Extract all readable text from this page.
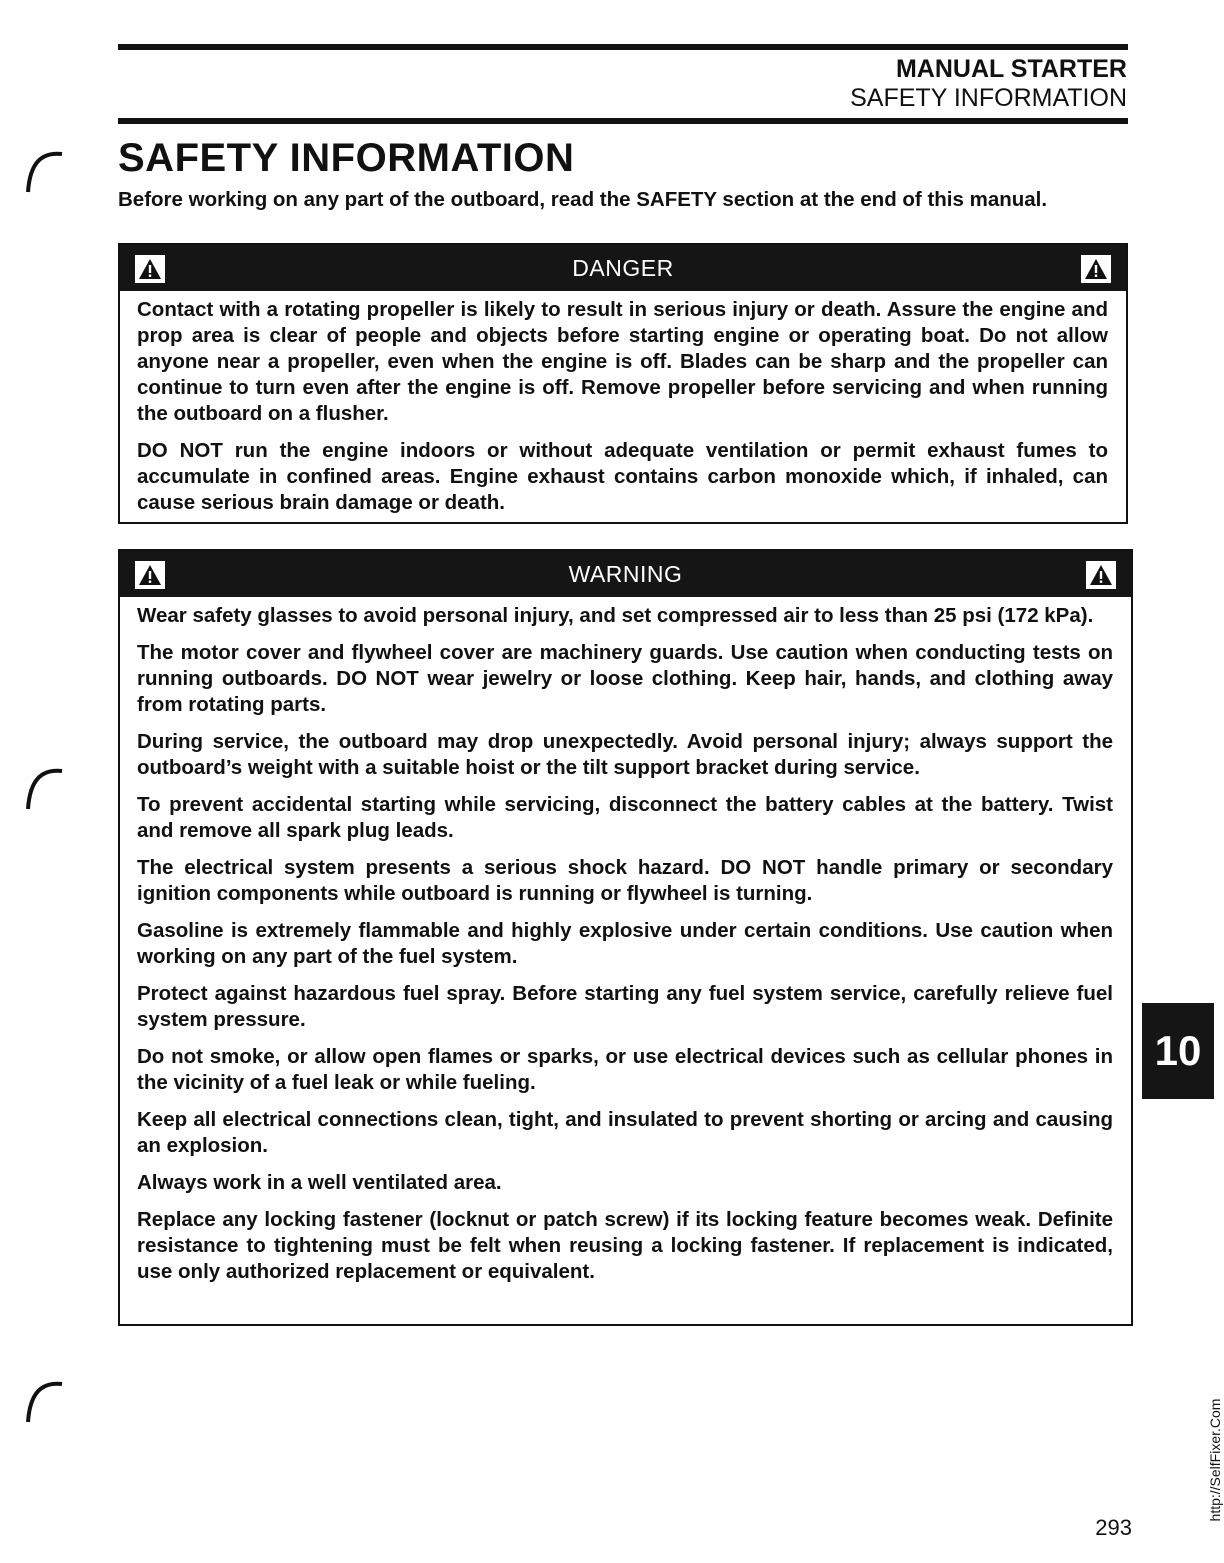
MANUAL STARTER
SAFETY INFORMATION
SAFETY INFORMATION
Before working on any part of the outboard, read the SAFETY section at the end of this manual.
DANGER

Contact with a rotating propeller is likely to result in serious injury or death. Assure the engine and prop area is clear of people and objects before starting engine or operating boat. Do not allow anyone near a propeller, even when the engine is off. Blades can be sharp and the propeller can continue to turn even after the engine is off. Remove propeller before servicing and when running the outboard on a flusher.

DO NOT run the engine indoors or without adequate ventilation or permit exhaust fumes to accumulate in confined areas. Engine exhaust contains carbon monoxide which, if inhaled, can cause serious brain damage or death.

WARNING

Wear safety glasses to avoid personal injury, and set compressed air to less than 25 psi (172 kPa).

The motor cover and flywheel cover are machinery guards. Use caution when conducting tests on running outboards. DO NOT wear jewelry or loose clothing. Keep hair, hands, and clothing away from rotating parts.

During service, the outboard may drop unexpectedly. Avoid personal injury; always support the outboard’s weight with a suitable hoist or the tilt support bracket during service.

To prevent accidental starting while servicing, disconnect the battery cables at the battery. Twist and remove all spark plug leads.

The electrical system presents a serious shock hazard. DO NOT handle primary or secondary ignition components while outboard is running or flywheel is turning.

Gasoline is extremely flammable and highly explosive under certain conditions. Use caution when working on any part of the fuel system.

Protect against hazardous fuel spray. Before starting any fuel system service, carefully relieve fuel system pressure.

Do not smoke, or allow open flames or sparks, or use electrical devices such as cellular phones in the vicinity of a fuel leak or while fueling.

Keep all electrical connections clean, tight, and insulated to prevent shorting or arcing and causing an explosion.

Always work in a well ventilated area.

Replace any locking fastener (locknut or patch screw) if its locking feature becomes weak. Definite resistance to tightening must be felt when reusing a locking fastener. If replacement is indicated, use only authorized replacement or equivalent.

10
http://SelfFixer.Com
293
